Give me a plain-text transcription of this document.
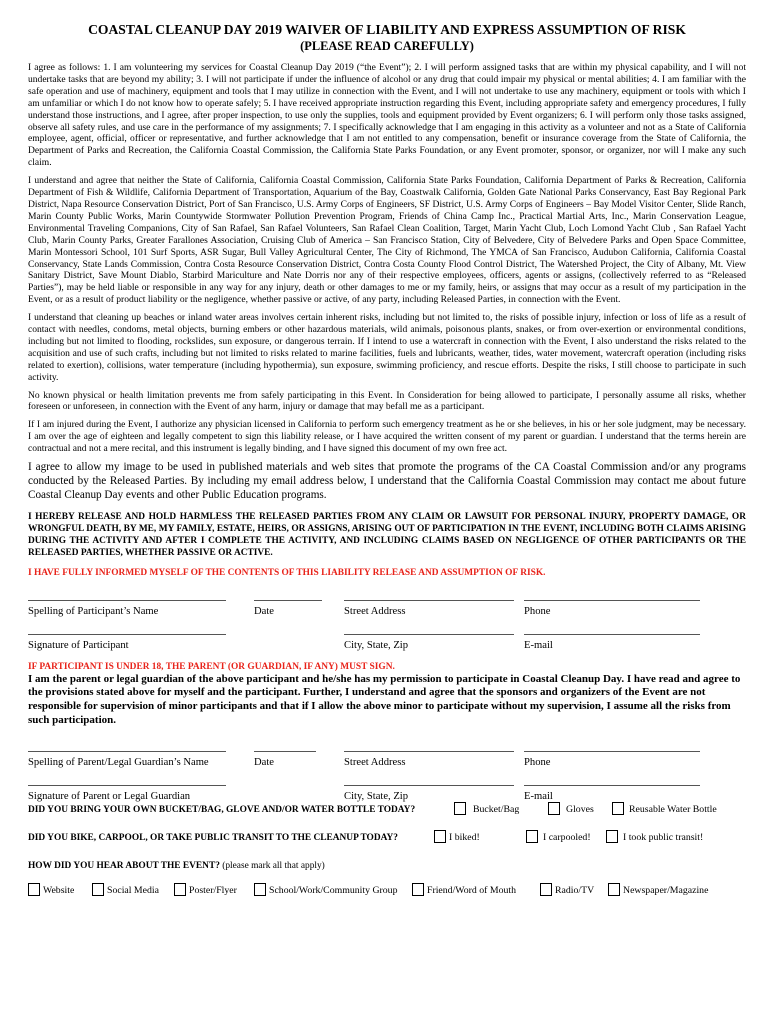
COASTAL CLEANUP DAY 2019 WAIVER OF LIABILITY AND EXPRESS ASSUMPTION OF RISK
(PLEASE READ CAREFULLY)

I agree as follows: 1. I am volunteering my services for Coastal Cleanup Day 2019 (“the Event”); 2. I will perform assigned tasks that are within my physical capability, and I will not undertake tasks that are beyond my ability; 3. I will not participate if under the influence of alcohol or any drug that could impair my physical or mental abilities; 4. I am familiar with the safe operation and use of machinery, equipment and tools that I may utilize in connection with the Event, and I will not undertake to use any machinery, equipment or tools with which I am unfamiliar or which I do not know how to operate safely; 5. I have received appropriate instruction regarding this Event, including appropriate safety and emergency procedures, I fully understand those instructions, and I agree, after proper inspection, to use only the supplies, tools and equipment provided by Event organizers; 6. I will perform only those tasks assigned, observe all safety rules, and use care in the performance of my assignments; 7. I specifically acknowledge that I am engaging in this activity as a volunteer and not as a State of California employee, agent, official, officer or representative, and further acknowledge that I am not entitled to any compensation, benefit or insurance coverage from the State of California, the Department of Parks and Recreation, the California Coastal Commission, the California State Parks Foundation, or any Event promoter, sponsor, or organizer, nor will I make any such claim.

I understand and agree that neither the State of California, California Coastal Commission, California State Parks Foundation, California Department of Parks & Recreation, California Department of Fish & Wildlife, California Department of Transportation, Aquarium of the Bay, Coastwalk California, Golden Gate National Parks Conservancy, East Bay Regional Park District, Napa Resource Conservation District, Port of San Francisco, U.S. Army Corps of Engineers, SF District, U.S. Army Corps of Engineers – Bay Model Visitor Center, Slide Ranch, Marin County Public Works, Marin Countywide Stormwater Pollution Prevention Program, Friends of China Camp Inc., Practical Martial Arts, Inc., Marin Conservation League, Environmental Traveling Companions, City of San Rafael, San Rafael Volunteers, San Rafael Clean Coalition, Target, Marin Yacht Club, Loch Lomond Yacht Club , San Rafael Yacht Club, Marin County Parks, Greater Farallones Association, Cruising Club of America – San Francisco Station, City of Belvedere, City of Belvedere Parks and Open Space Committee, Marin Montessori School, 101 Surf Sports, ASR Sugar, Bull Valley Agricultural Center, The City of Richmond, The YMCA of San Francisco, Audubon California, California Coastal Conservancy, State Lands Commission, Contra Costa Resource Conservation District, Contra Costa County Flood Control District, The Watershed Project, the City of Albany, Mt. View Sanitary District, Save Mount Diablo, Starbird Mariculture and Nate Dorris nor any of their respective employees, officers, agents or assigns, (collectively referred to as “Released Parties”), may be held liable or responsible in any way for any injury, death or other damages to me or my family, heirs, or assigns that may occur as a result of my participation in the Event, or as a result of product liability or the negligence, whether passive or active, of any party, including Released Parties, in connection with the Event.

I understand that cleaning up beaches or inland water areas involves certain inherent risks, including but not limited to, the risks of possible injury, infection or loss of life as a result of contact with needles, condoms, metal objects, burning embers or other hazardous materials, wild animals, poisonous plants, snakes, or from over-exertion or environmental conditions, including but not limited to flooding, rockslides, sun exposure, or dangerous terrain. If I intend to use a watercraft in connection with the Event, I also understand the risks related to the acquisition and use of such crafts, including but not limited to risks related to marine facilities, fuels and lubricants, weather, tides, water movement, watercraft operation (including risks related to exertion), collisions, water temperature (including hypothermia), sun exposure, swimming proficiency, and rescue efforts. Despite the risks, I still choose to participate in such activity.

No known physical or health limitation prevents me from safely participating in this Event. In Consideration for being allowed to participate, I personally assume all risks, whether foreseen or unforeseen, in connection with the Event of any harm, injury or damage that may befall me as a participant.

If I am injured during the Event, I authorize any physician licensed in California to perform such emergency treatment as he or she believes, in his or her sole judgment, may be necessary. I am over the age of eighteen and legally competent to sign this liability release, or I have acquired the written consent of my parent or guardian. I understand that the terms herein are contractual and not a mere recital, and this instrument is legally binding, and I have signed this document of my own free act.

I agree to allow my image to be used in published materials and web sites that promote the programs of the CA Coastal Commission and/or any programs conducted by the Released Parties. By including my email address below, I understand that the California Coastal Commission may contact me about future Coastal Cleanup Day events and other Public Education programs.

I HEREBY RELEASE AND HOLD HARMLESS THE RELEASED PARTIES FROM ANY CLAIM OR LAWSUIT FOR PERSONAL INJURY, PROPERTY DAMAGE, OR WRONGFUL DEATH, BY ME, MY FAMILY, ESTATE, HEIRS, OR ASSIGNS, ARISING OUT OF PARTICIPATION IN THE EVENT, INCLUDING BOTH CLAIMS ARISING DURING THE ACTIVITY AND AFTER I COMPLETE THE ACTIVITY, AND INCLUDING CLAIMS BASED ON NEGLIGENCE OF OTHER PARTICIPANTS OR THE RELEASED PARTIES, WHETHER PASSIVE OR ACTIVE.

I HAVE FULLY INFORMED MYSELF OF THE CONTENTS OF THIS LIABILITY RELEASE AND ASSUMPTION OF RISK.

Spelling of Participant’s Name	Date	Street Address	Phone
Signature of Participant	City, State, Zip	E-mail
IF PARTICIPANT IS UNDER 18, THE PARENT (OR GUARDIAN, IF ANY) MUST SIGN.

I am the parent or legal guardian of the above participant and he/she has my permission to participate in Coastal Cleanup Day. I have read and agree to the provisions stated above for myself and the participant. Further, I understand and agree that the sponsors and organizers of the Event are not responsible for supervision of minor participants and that if I allow the above minor to participate without my supervision, I assume all the risks from such participation.

Spelling of Parent/Legal Guardian’s Name	Date	Street Address	Phone
Signature of Parent or Legal Guardian	City, State, Zip	E-mail
DID YOU BRING YOUR OWN BUCKET/BAG, GLOVE AND/OR WATER BOTTLE TODAY?	Bucket/Bag	Gloves	Reusable Water Bottle
DID YOU BIKE, CARPOOL, OR TAKE PUBLIC TRANSIT TO THE CLEANUP TODAY?	I biked!	I carpooled!	I took public transit!
HOW DID YOU HEAR ABOUT THE EVENT? (please mark all that apply)
Website	Social Media	Poster/Flyer	School/Work/Community Group	Friend/Word of Mouth	Radio/TV	Newspaper/Magazine
